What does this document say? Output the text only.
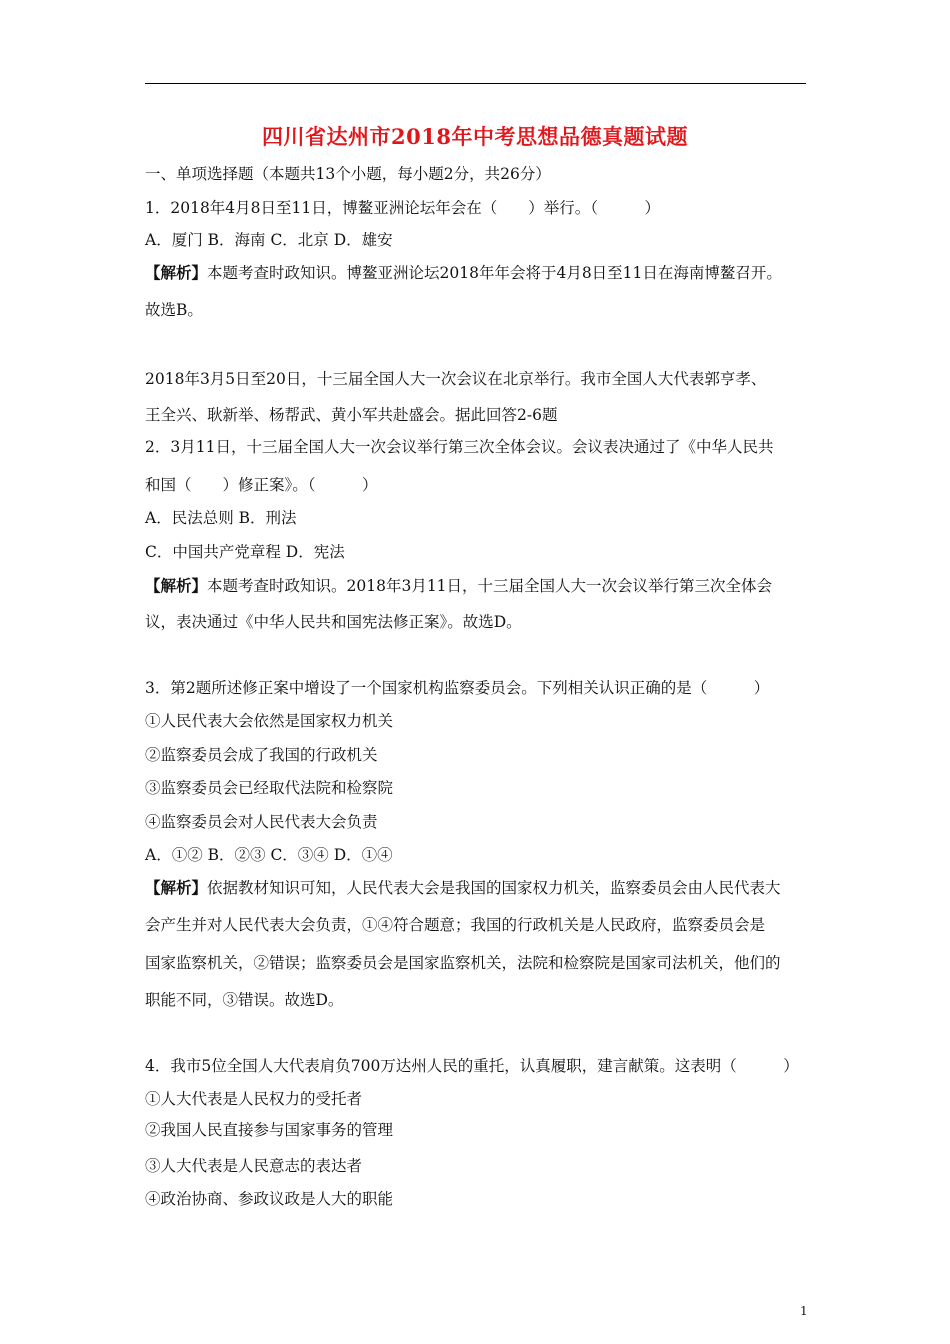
四川省达州市2018年中考思想品德真题试题
一、单项选择题（本题共13个小题，每小题2分，共26分）
1．2018年4月8日至11日，博鳌亚洲论坛年会在（　　）举行。（　　　）
A．厦门 B．海南 C．北京 D．雄安
【解析】本题考查时政知识。博鳌亚洲论坛2018年年会将于4月8日至11日在海南博鳌召开。
故选B。
2018年3月5日至20日，十三届全国人大一次会议在北京举行。我市全国人大代表郭亨孝、
王全兴、耿新举、杨帮武、黄小军共赴盛会。据此回答2-6题
2．3月11日，十三届全国人大一次会议举行第三次全体会议。会议表决通过了《中华人民共
和国（　　）修正案》。（　　　）
A．民法总则 B．刑法
C．中国共产党章程 D．宪法
【解析】本题考查时政知识。2018年3月11日，十三届全国人大一次会议举行第三次全体会
议，表决通过《中华人民共和国宪法修正案》。故选D。
3．第2题所述修正案中增设了一个国家机构监察委员会。下列相关认识正确的是（　　　）
①人民代表大会依然是国家权力机关
②监察委员会成了我国的行政机关
③监察委员会已经取代法院和检察院
④监察委员会对人民代表大会负责
A．①② B．②③ C．③④ D．①④
【解析】依据教材知识可知，人民代表大会是我国的国家权力机关，监察委员会由人民代表大
会产生并对人民代表大会负责，①④符合题意；我国的行政机关是人民政府，监察委员会是
国家监察机关，②错误；监察委员会是国家监察机关，法院和检察院是国家司法机关，他们的
职能不同，③错误。故选D。
4．我市5位全国人大代表肩负700万达州人民的重托，认真履职，建言献策。这表明（　　　）
①人大代表是人民权力的受托者
②我国人民直接参与国家事务的管理
③人大代表是人民意志的表达者
④政治协商、参政议政是人大的职能
1
